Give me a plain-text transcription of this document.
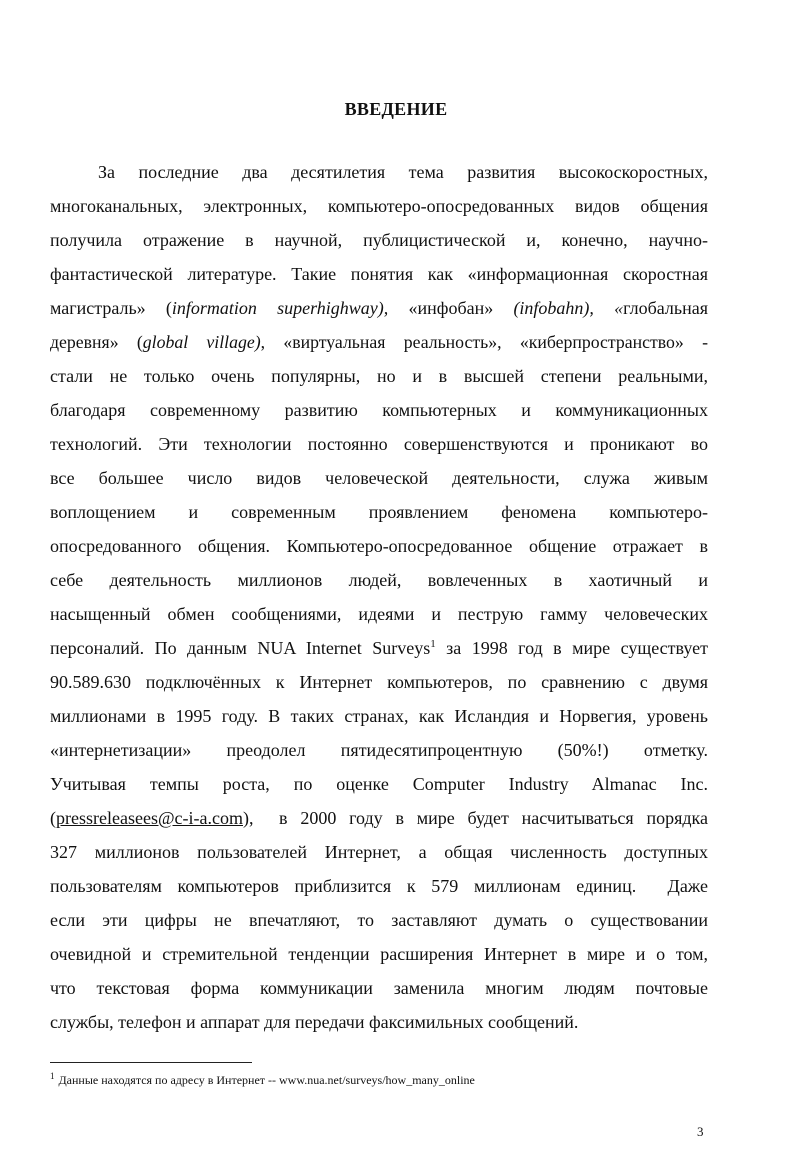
ВВЕДЕНИЕ
За последние два десятилетия тема развития высокоскоростных,
многоканальных, электронных, компьютеро-опосредованных видов общения
получила отражение в научной, публицистической и, конечно, научно-
фантастической литературе. Такие понятия как «информационная скоростная
магистраль» (information superhighway), «инфобан» (infobahn), «глобальная
деревня» (global village), «виртуальная реальность», «киберпространство» -
стали не только очень популярны, но и в высшей степени реальными,
благодаря современному развитию компьютерных и коммуникационных
технологий. Эти технологии постоянно совершенствуются и проникают во
все большее число видов человеческой деятельности, служа живым
воплощением и современным проявлением феномена компьютеро-
опосредованного общения. Компьютеро-опосредованное общение отражает в
себе деятельность миллионов людей, вовлеченных в хаотичный и
насыщенный обмен сообщениями, идеями и пеструю гамму человеческих
персоналий. По данным NUA Internet Surveys$^1$ за 1998 год в мире существует
90.589.630 подключённых к Интернет компьютеров, по сравнению с двумя
миллионами в 1995 году. В таких странах, как Исландия и Норвегия, уровень
«интернетизации» преодолел пятидесятипроцентную (50%!) отметку.
Учитывая темпы роста, по оценке Computer Industry Almanac Inc.
(pressreleasees@c-i-a.com),  в 2000 году в мире будет насчитываться порядка
327 миллионов пользователей Интернет, а общая численность доступных
пользователям компьютеров приблизится к 579 миллионам единиц.  Даже
если эти цифры не впечатляют, то заставляют думать о существовании
очевидной и стремительной тенденции расширения Интернет в мире и о том,
что текстовая форма коммуникации заменила многим людям почтовые
службы, телефон и аппарат для передачи факсимильных сообщений.
$^1$ Данные находятся по адресу в Интернет -- www.nua.net/surveys/how_many_online
3
